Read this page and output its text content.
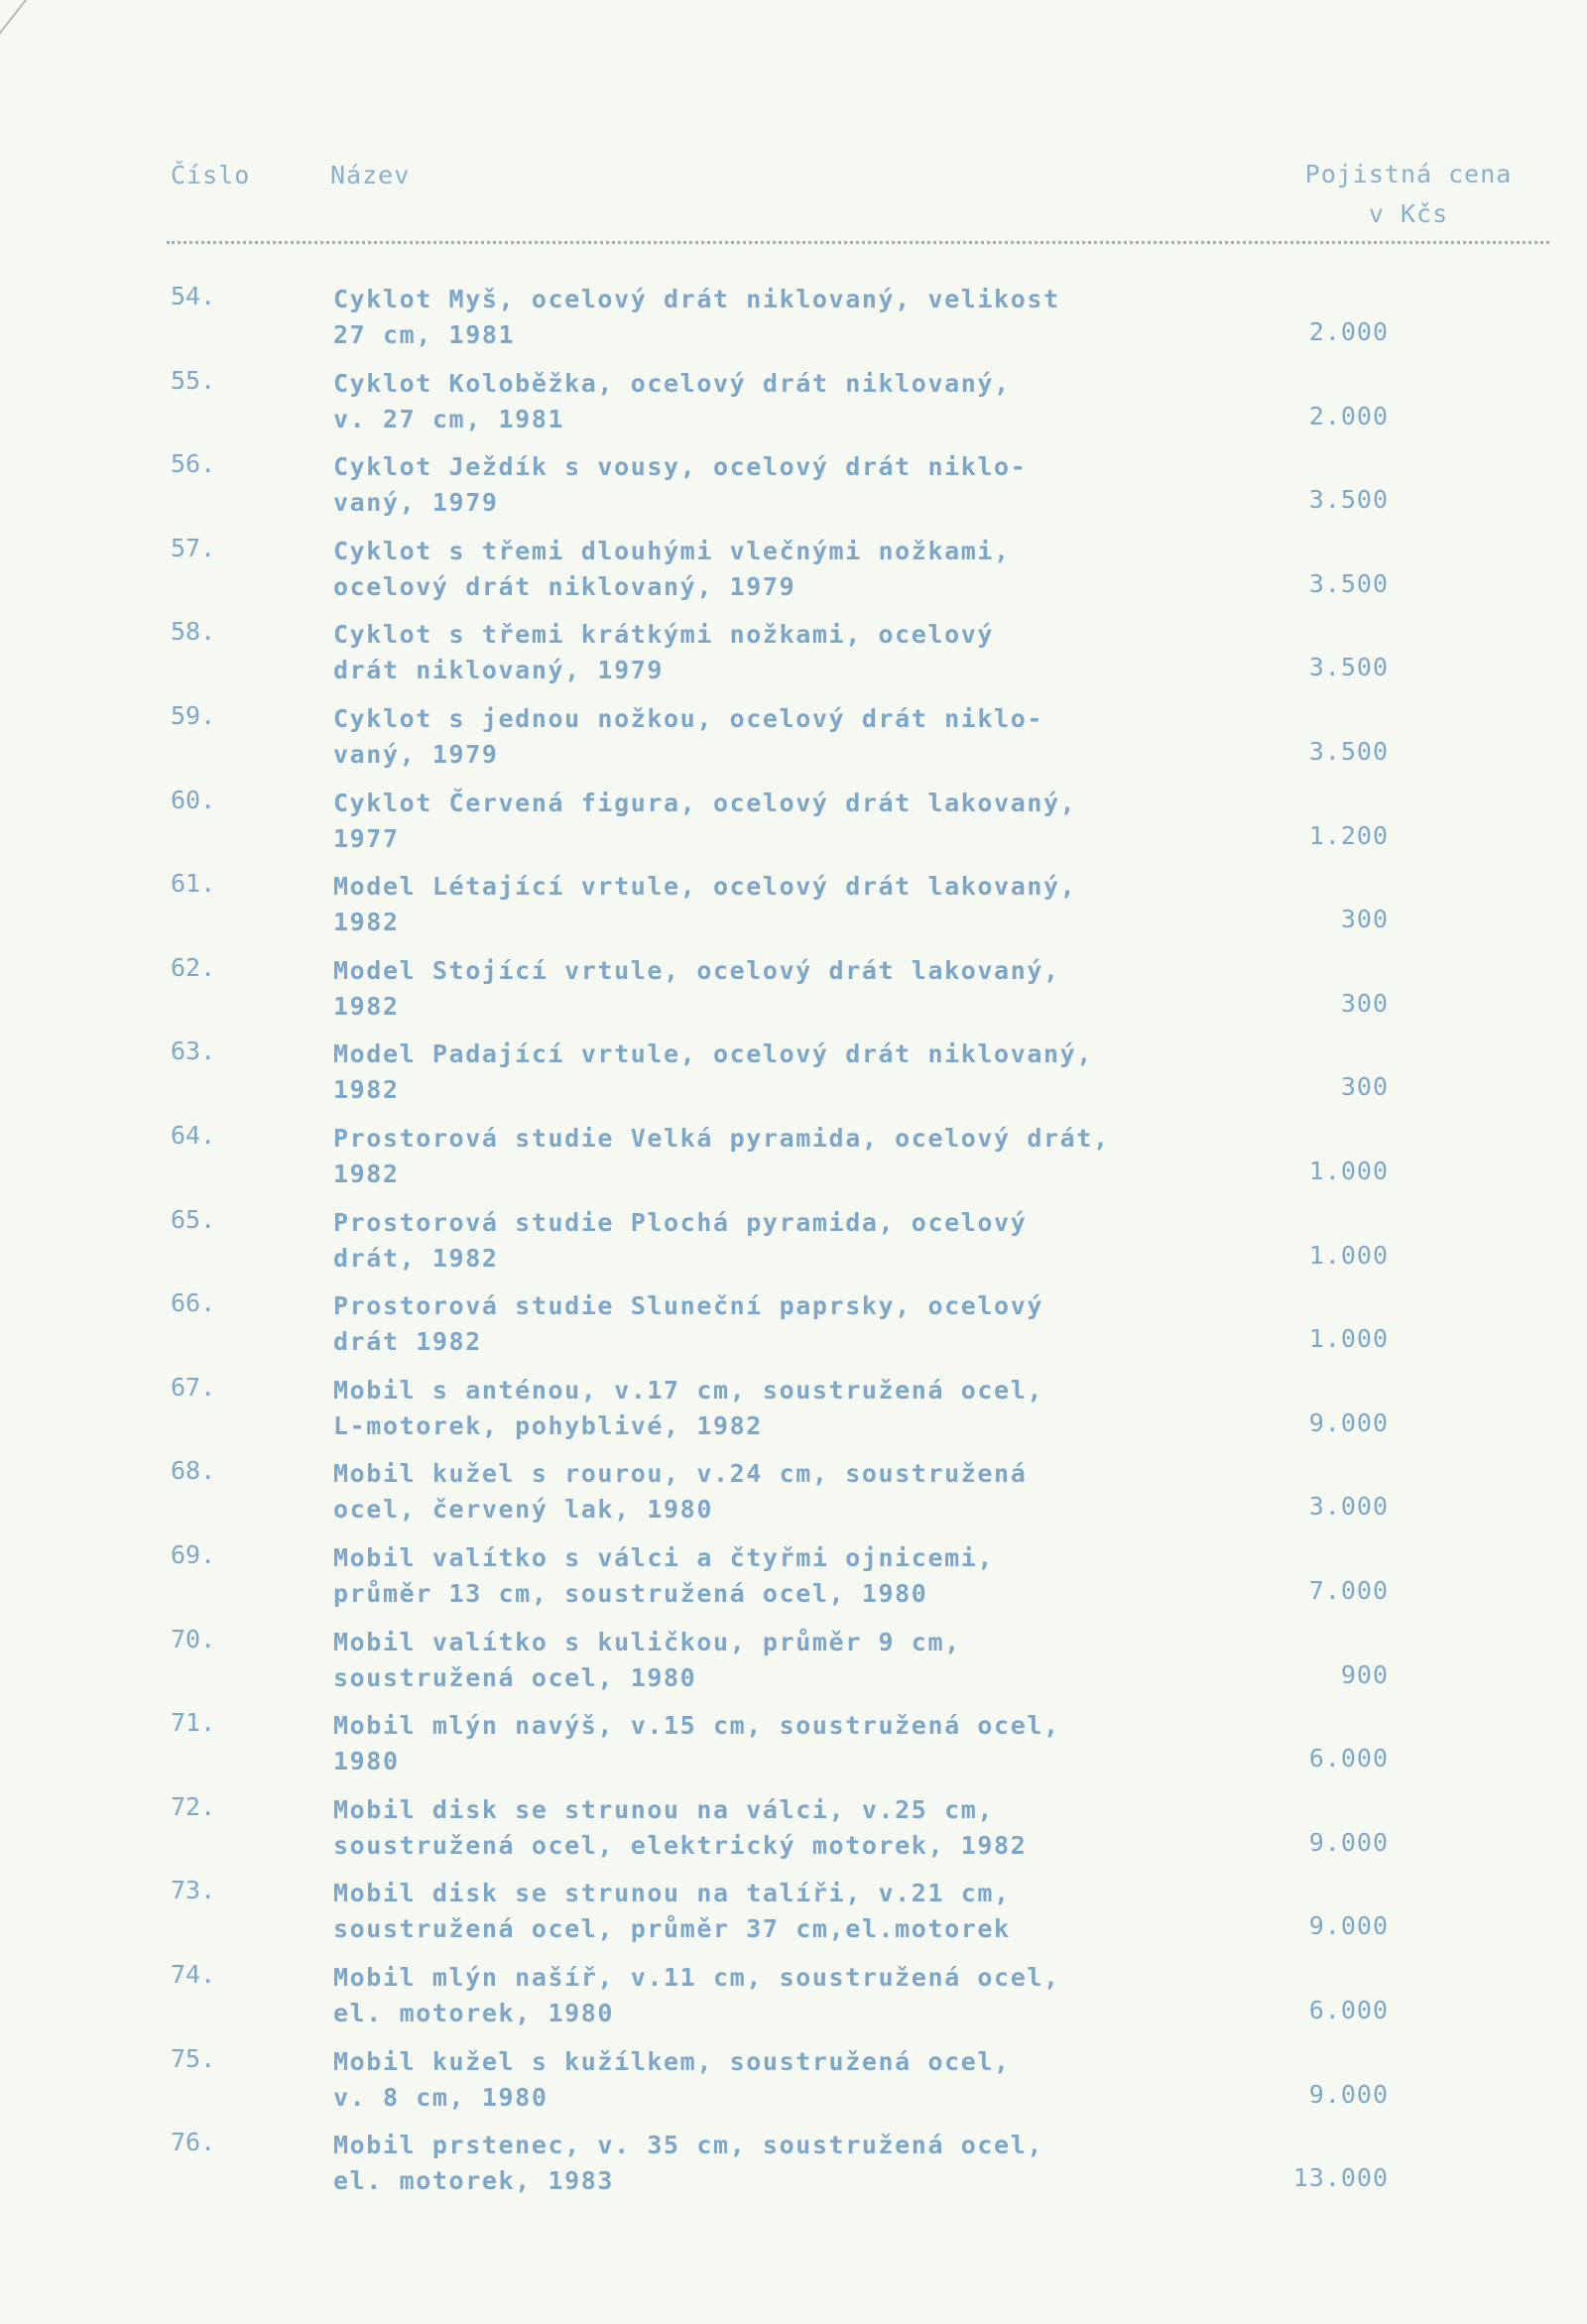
Číslo	Název	Pojistná cena
v Kčs
54.	Cyklot Myš, ocelový drát niklovaný, velikost
27 cm, 1981	2.000
55.	Cyklot Koloběžka, ocelový drát niklovaný,
v. 27 cm, 1981	2.000
56.	Cyklot Ježdík s vousy, ocelový drát niklo-
vaný, 1979	3.500
57.	Cyklot s třemi dlouhými vlečnými nožkami,
ocelový drát niklovaný, 1979	3.500
58.	Cyklot s třemi krátkými nožkami, ocelový
drát niklovaný, 1979	3.500
59.	Cyklot s jednou nožkou, ocelový drát niklo-
vaný, 1979	3.500
60.	Cyklot Červená figura, ocelový drát lakovaný,
1977	1.200
61.	Model Létající vrtule, ocelový drát lakovaný,
1982	300
62.	Model Stojící vrtule, ocelový drát lakovaný,
1982	300
63.	Model Padající vrtule, ocelový drát niklovaný,
1982	300
64.	Prostorová studie Velká pyramida, ocelový drát,
1982	1.000
65.	Prostorová studie Plochá pyramida, ocelový
drát, 1982	1.000
66.	Prostorová studie Sluneční paprsky, ocelový
drát 1982	1.000
67.	Mobil s anténou, v.17 cm, soustružená ocel,
L-motorek, pohyblivé, 1982	9.000
68.	Mobil kužel s rourou, v.24 cm, soustružená
ocel, červený lak, 1980	3.000
69.	Mobil valítko s válci a čtyřmi ojnicemi,
průměr 13 cm, soustružená ocel, 1980	7.000
70.	Mobil valítko s kuličkou, průměr 9 cm,
soustružená ocel, 1980	900
71.	Mobil mlýn navýš, v.15 cm, soustružená ocel,
1980	6.000
72.	Mobil disk se strunou na válci, v.25 cm,
soustružená ocel, elektrický motorek, 1982	9.000
73.	Mobil disk se strunou na talíři, v.21 cm,
soustružená ocel, průměr 37 cm,el.motorek	9.000
74.	Mobil mlýn našíř, v.11 cm, soustružená ocel,
el. motorek, 1980	6.000
75.	Mobil kužel s kužílkem, soustružená ocel,
v. 8 cm, 1980	9.000
76.	Mobil prstenec, v. 35 cm, soustružená ocel,
el. motorek, 1983	13.000
